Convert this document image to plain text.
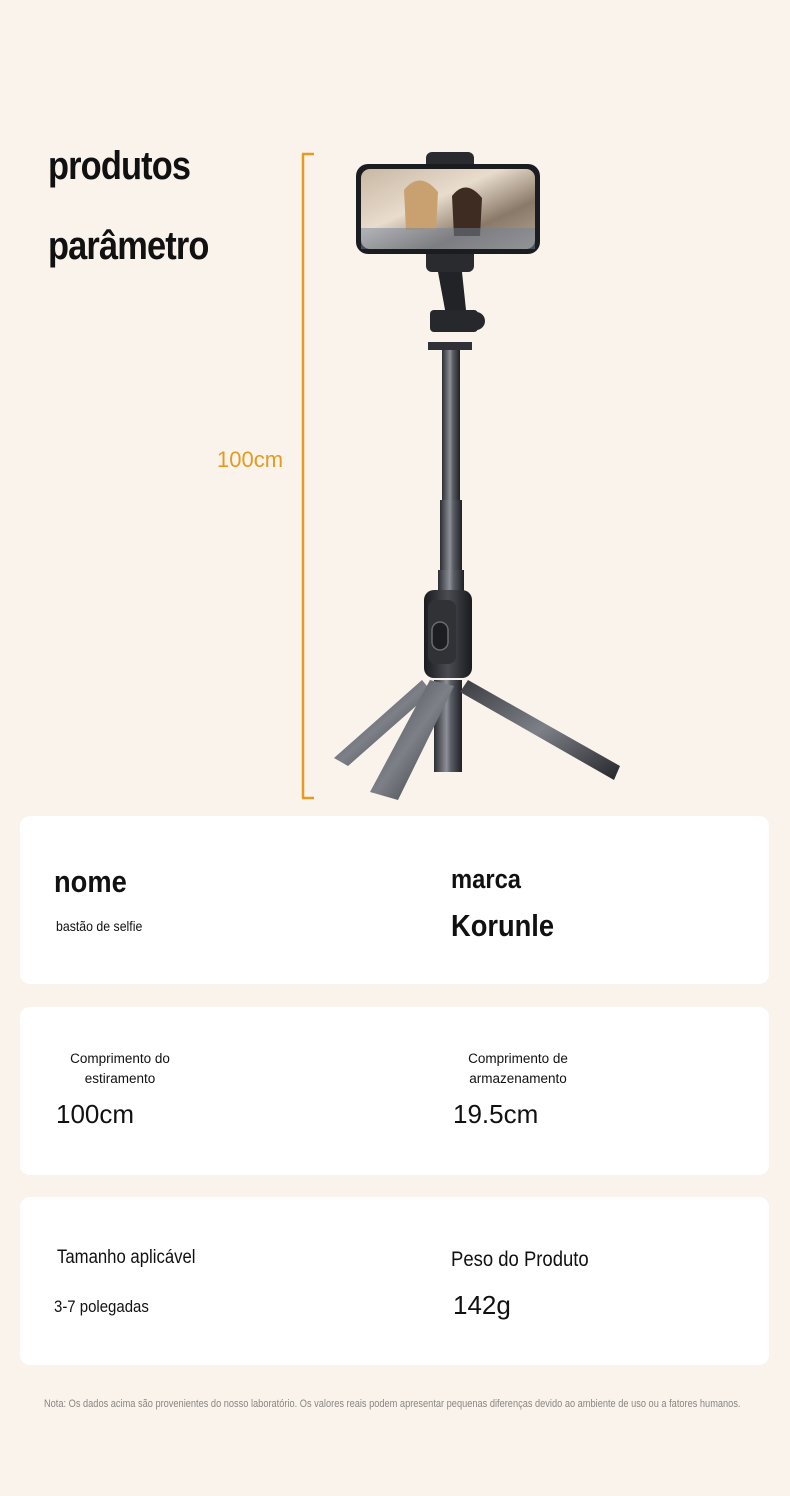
produtos
parâmetro
100cm
nome
bastão de selfie
marca
Korunle
Comprimento do estiramento
100cm
Comprimento de armazenamento
19.5cm
Tamanho aplicável
3-7 polegadas
Peso do Produto
142g
Nota: Os dados acima são provenientes do nosso laboratório. Os valores reais podem apresentar pequenas diferenças devido ao ambiente de uso ou a fatores humanos.
